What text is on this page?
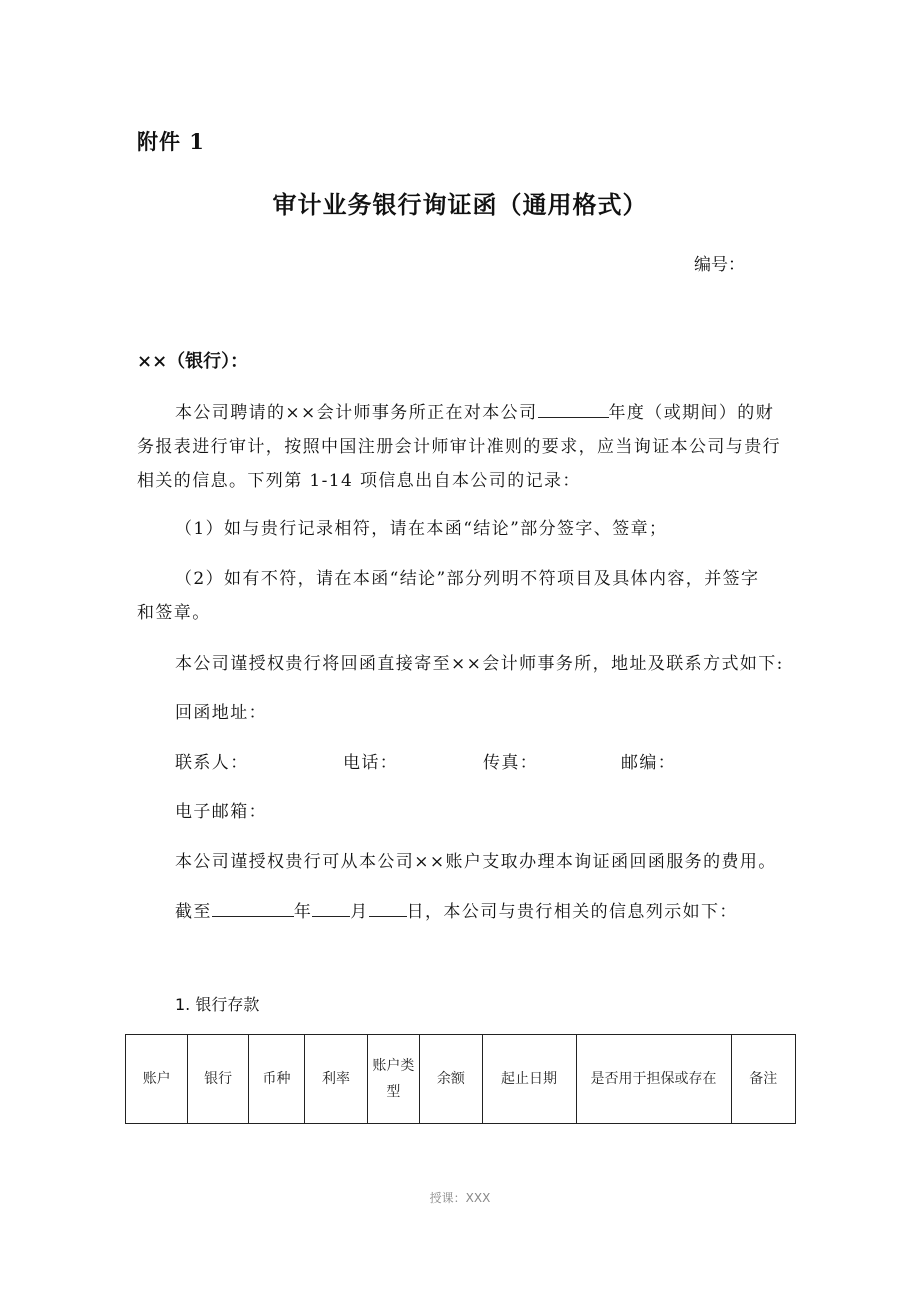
附件 1
审计业务银行询证函（通用格式）
编号：
××（银行）：
本公司聘请的××会计师事务所正在对本公司	年度（或期间）的财
务报表进行审计，按照中国注册会计师审计准则的要求，应当询证本公司与贵行
相关的信息。下列第 1-14 项信息出自本公司的记录：
（1）如与贵行记录相符，请在本函“结论”部分签字、签章；
（2）如有不符，请在本函“结论”部分列明不符项目及具体内容，并签字
和签章。
本公司谨授权贵行将回函直接寄至××会计师事务所，地址及联系方式如下:
回函地址：
联系人：	电话：	传真：	邮编：
电子邮箱：
本公司谨授权贵行可从本公司××账户支取办理本询证函回函服务的费用。
截至	年 月 日，本公司与贵行相关的信息列示如下：
1. 银行存款
账户	银行	币种	利率	账户类型	余额	起止日期	是否用于担保或存在	备注
授课：XXX
